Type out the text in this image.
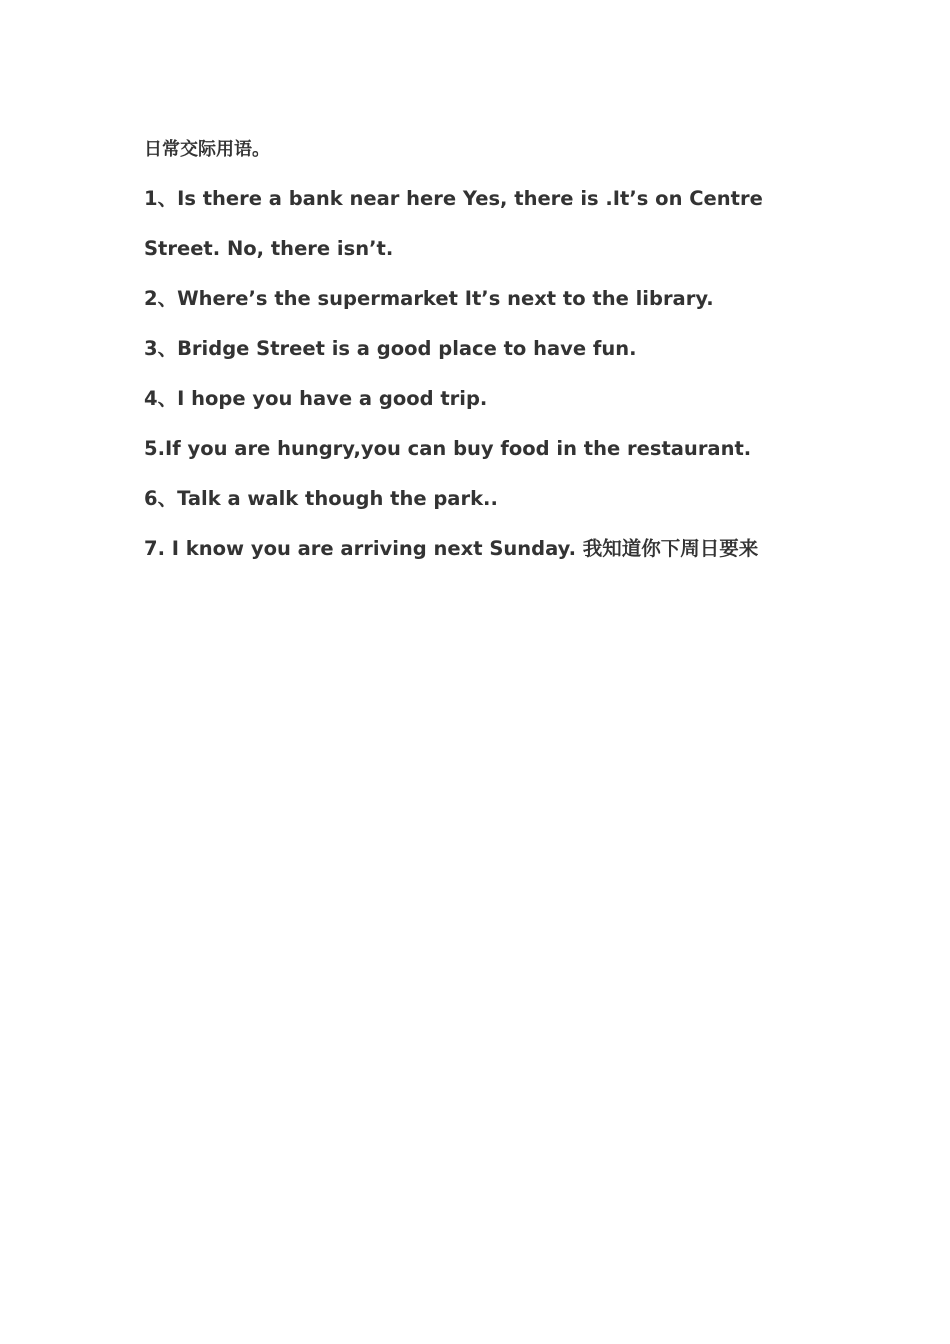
日常交际用语。

1、Is there a bank near here Yes, there is .It’s on Centre Street. No, there isn’t.

2、Where’s the supermarket It’s next to the library.

3、Bridge Street is a good place to have fun.

4、I hope you have a good trip.

5.If you are hungry,you can buy food in the restaurant.

6、Talk a walk though the park..

7. I know you are arriving next Sunday. 我知道你下周日要来
